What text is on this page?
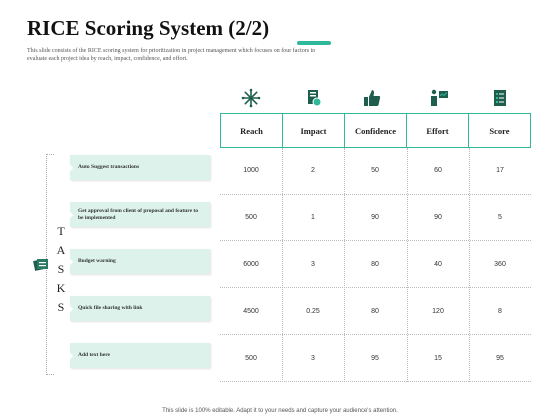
RICE Scoring System (2/2)
This slide consists of the RICE scoring system for prioritization in project management which focuses on four factors to evaluate each project idea by reach, impact, confidence, and effort.
Reach	Impact	Confidence	Effort	Score
1000	2	50	60	17
500	1	90	90	5
6000	3	80	40	360
4500	0.25	80	120	8
500	3	95	15	95
T
A
S
K
S
Auto Suggest transactions
Get approval from client of proposal and feature to be implemented
Budget warning
Quick file sharing with link
Add text here
This slide is 100% editable. Adapt it to your needs and capture your audience's attention.
